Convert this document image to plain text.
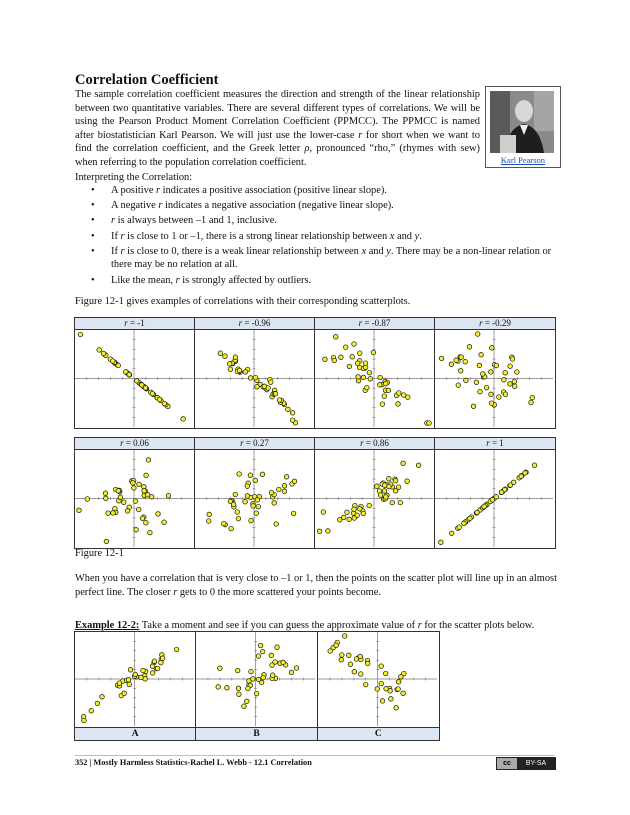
Correlation Coefficient
The sample correlation coefficient measures the direction and strength of the linear relationship between two quantitative variables. There are several different types of correlations. We will be using the Pearson Product Moment Correlation Coefficient (PPMCC). The PPMCC is named after biostatistician Karl Pearson. We will just use the lower-case r for short when we want to find the correlation coefficient, and the Greek letter ρ, pronounced “rho,” (rhymes with sew) when referring to the population correlation coefficient.	Karl Pearson
Interpreting the Correlation:
• A positive r indicates a positive association (positive linear slope).
• A negative r indicates a negative association (negative linear slope).
• r is always between –1 and 1, inclusive.
• If r is close to 1 or –1, there is a strong linear relationship between x and y.
• If r is close to 0, there is a weak linear relationship between x and y. There may be a non-linear relation or there may be no relation at all.
• Like the mean, r is strongly affected by outliers.
Figure 12-1 gives examples of correlations with their corresponding scatterplots.
r = -1	r = -0.96	r = -0.87	r = -0.29
r = 0.06	r = 0.27	r = 0.86	r = 1
Figure 12-1
When you have a correlation that is very close to –1 or 1, then the points on the scatter plot will line up in an almost perfect line. The closer r gets to 0 the more scattered your points become.
Example 12-2: Take a moment and see if you can guess the approximate value of r for the scatter plots below.
A	B	C
352 | Mostly Harmless Statistics-Rachel L. Webb - 12.1 Correlation	cc	BY-SA
